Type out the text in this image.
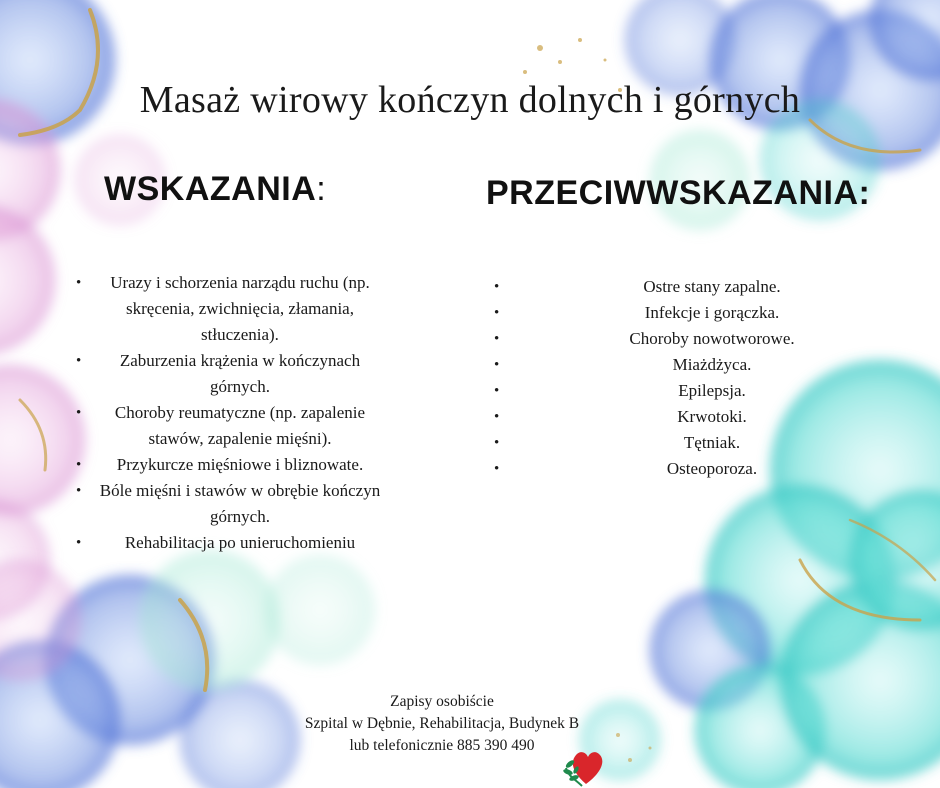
Masaż wirowy kończyn dolnych i górnych
WSKAZANIA:	PRZECIWWSKAZANIA:
• Urazy i schorzenia narządu ruchu (np. skręcenia, zwichnięcia, złamania, stłuczenia).
• Zaburzenia krążenia w kończynach górnych.
• Choroby reumatyczne (np. zapalenie stawów, zapalenie mięśni).
• Przykurcze mięśniowe i bliznowate.
• Bóle mięśni i stawów w obrębie kończyn górnych.
• Rehabilitacja po unieruchomieniu
• Ostre stany zapalne.
• Infekcje i gorączka.
• Choroby nowotworowe.
• Miażdżyca.
• Epilepsja.
• Krwotoki.
• Tętniak.
• Osteoporoza.
Zapisy osobiście
Szpital w Dębnie, Rehabilitacja, Budynek B
lub telefonicznie 885 390 490
